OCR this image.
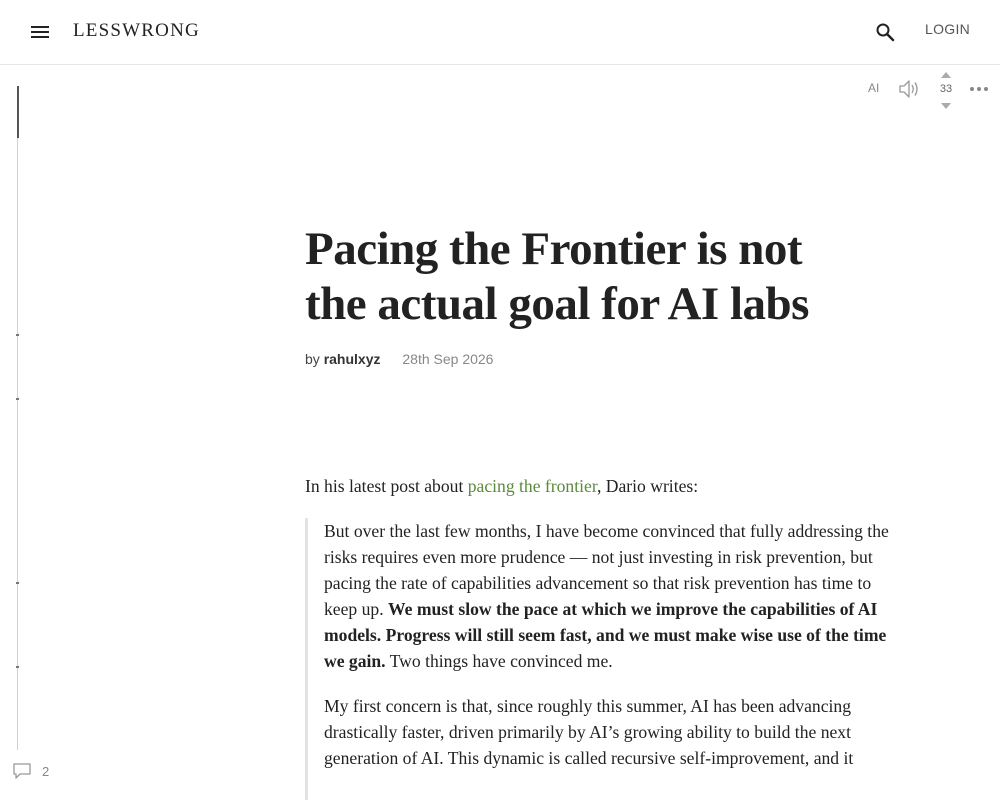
LESSWRONG	LOGIN
2
AI	33
Pacing the Frontier is not
the actual goal for AI labs
by rahulxyz 28th Sep 2026
In his latest post about pacing the frontier, Dario writes:

But over the last few months, I have become convinced that fully addressing the risks requires even more prudence — not just investing in risk prevention, but pacing the rate of capabilities advancement so that risk prevention has time to keep up. We must slow the pace at which we improve the capabilities of AI models. Progress will still seem fast, and we must make wise use of the time we gain. Two things have convinced me.

My first concern is that, since roughly this summer, AI has been advancing drastically faster, driven primarily by AI’s growing ability to build the next generation of AI. This dynamic is called recursive self-improvement, and it
